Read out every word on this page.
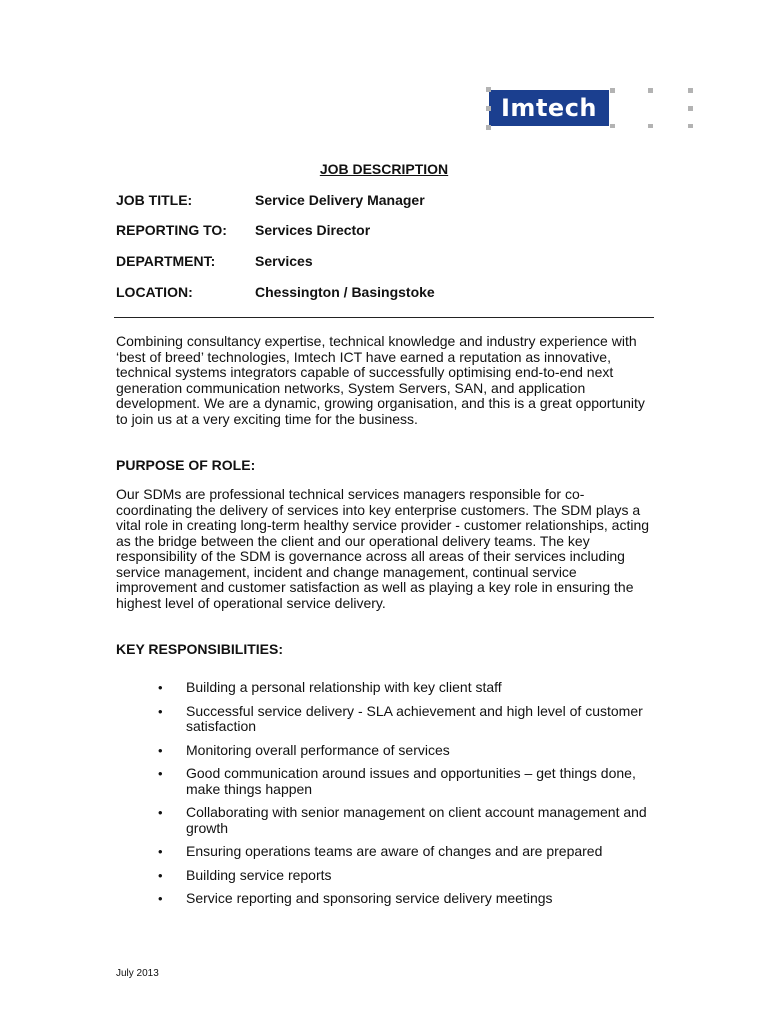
Imtech
JOB DESCRIPTION
JOB TITLE:	Service Delivery Manager
REPORTING TO: Services Director
DEPARTMENT:	Services
LOCATION:	Chessington / Basingstoke
Combining consultancy expertise, technical knowledge and industry experience with ‘best of breed’ technologies, Imtech ICT have earned a reputation as innovative, technical systems integrators capable of successfully optimising end-to-end next generation communication networks, System Servers, SAN, and application development. We are a dynamic, growing organisation, and this is a great opportunity to join us at a very exciting time for the business.
PURPOSE OF ROLE:
Our SDMs are professional technical services managers responsible for co-coordinating the delivery of services into key enterprise customers. The SDM plays a vital role in creating long-term healthy service provider - customer relationships, acting as the bridge between the client and our operational delivery teams. The key responsibility of the SDM is governance across all areas of their services including service management, incident and change management, continual service improvement and customer satisfaction as well as playing a key role in ensuring the highest level of operational service delivery.
KEY RESPONSIBILITIES:
• Building a personal relationship with key client staff
• Successful service delivery - SLA achievement and high level of customer satisfaction
• Monitoring overall performance of services
• Good communication around issues and opportunities – get things done, make things happen
• Collaborating with senior management on client account management and growth
• Ensuring operations teams are aware of changes and are prepared
• Building service reports
• Service reporting and sponsoring service delivery meetings
July 2013
